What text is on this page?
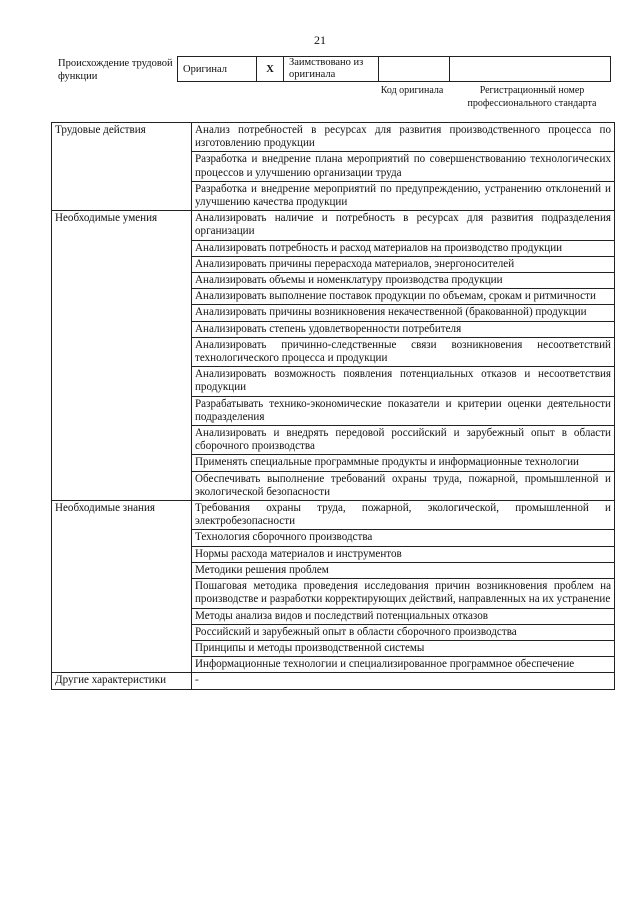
21
Происхождение трудовой функции
Оригинал	X	Заимствовано из оригинала		
Код оригинала	Регистрационный номер профессионального стандарта
Трудовые действия	Анализ потребностей в ресурсах для развития производственного процесса по изготовлению продукции
	Разработка и внедрение плана мероприятий по совершенствованию технологических процессов и улучшению организации труда
	Разработка и внедрение мероприятий по предупреждению, устранению отклонений и улучшению качества продукции
Необходимые умения	Анализировать наличие и потребность в ресурсах для развития подразделения организации
	Анализировать потребность и расход материалов на производство продукции
	Анализировать причины перерасхода материалов, энергоносителей
	Анализировать объемы и номенклатуру производства продукции
	Анализировать выполнение поставок продукции по объемам, срокам и ритмичности
	Анализировать причины возникновения некачественной (бракованной) продукции
	Анализировать степень удовлетворенности потребителя
	Анализировать причинно-следственные связи возникновения несоответствий технологического процесса и продукции
	Анализировать возможность появления потенциальных отказов и несоответствия продукции
	Разрабатывать технико-экономические показатели и критерии оценки деятельности подразделения
	Анализировать и внедрять передовой российский и зарубежный опыт в области сборочного производства
	Применять специальные программные продукты и информационные технологии
	Обеспечивать выполнение требований охраны труда, пожарной, промышленной и экологической безопасности
Необходимые знания	Требования охраны труда, пожарной, экологической, промышленной и электробезопасности
	Технология сборочного производства
	Нормы расхода материалов и инструментов
	Методики решения проблем
	Пошаговая методика проведения исследования причин возникновения проблем на производстве и разработки корректирующих действий, направленных на их устранение
	Методы анализа видов и последствий потенциальных отказов
	Российский и зарубежный опыт в области сборочного производства
	Принципы и методы производственной системы
	Информационные технологии и специализированное программное обеспечение
Другие характеристики	-
